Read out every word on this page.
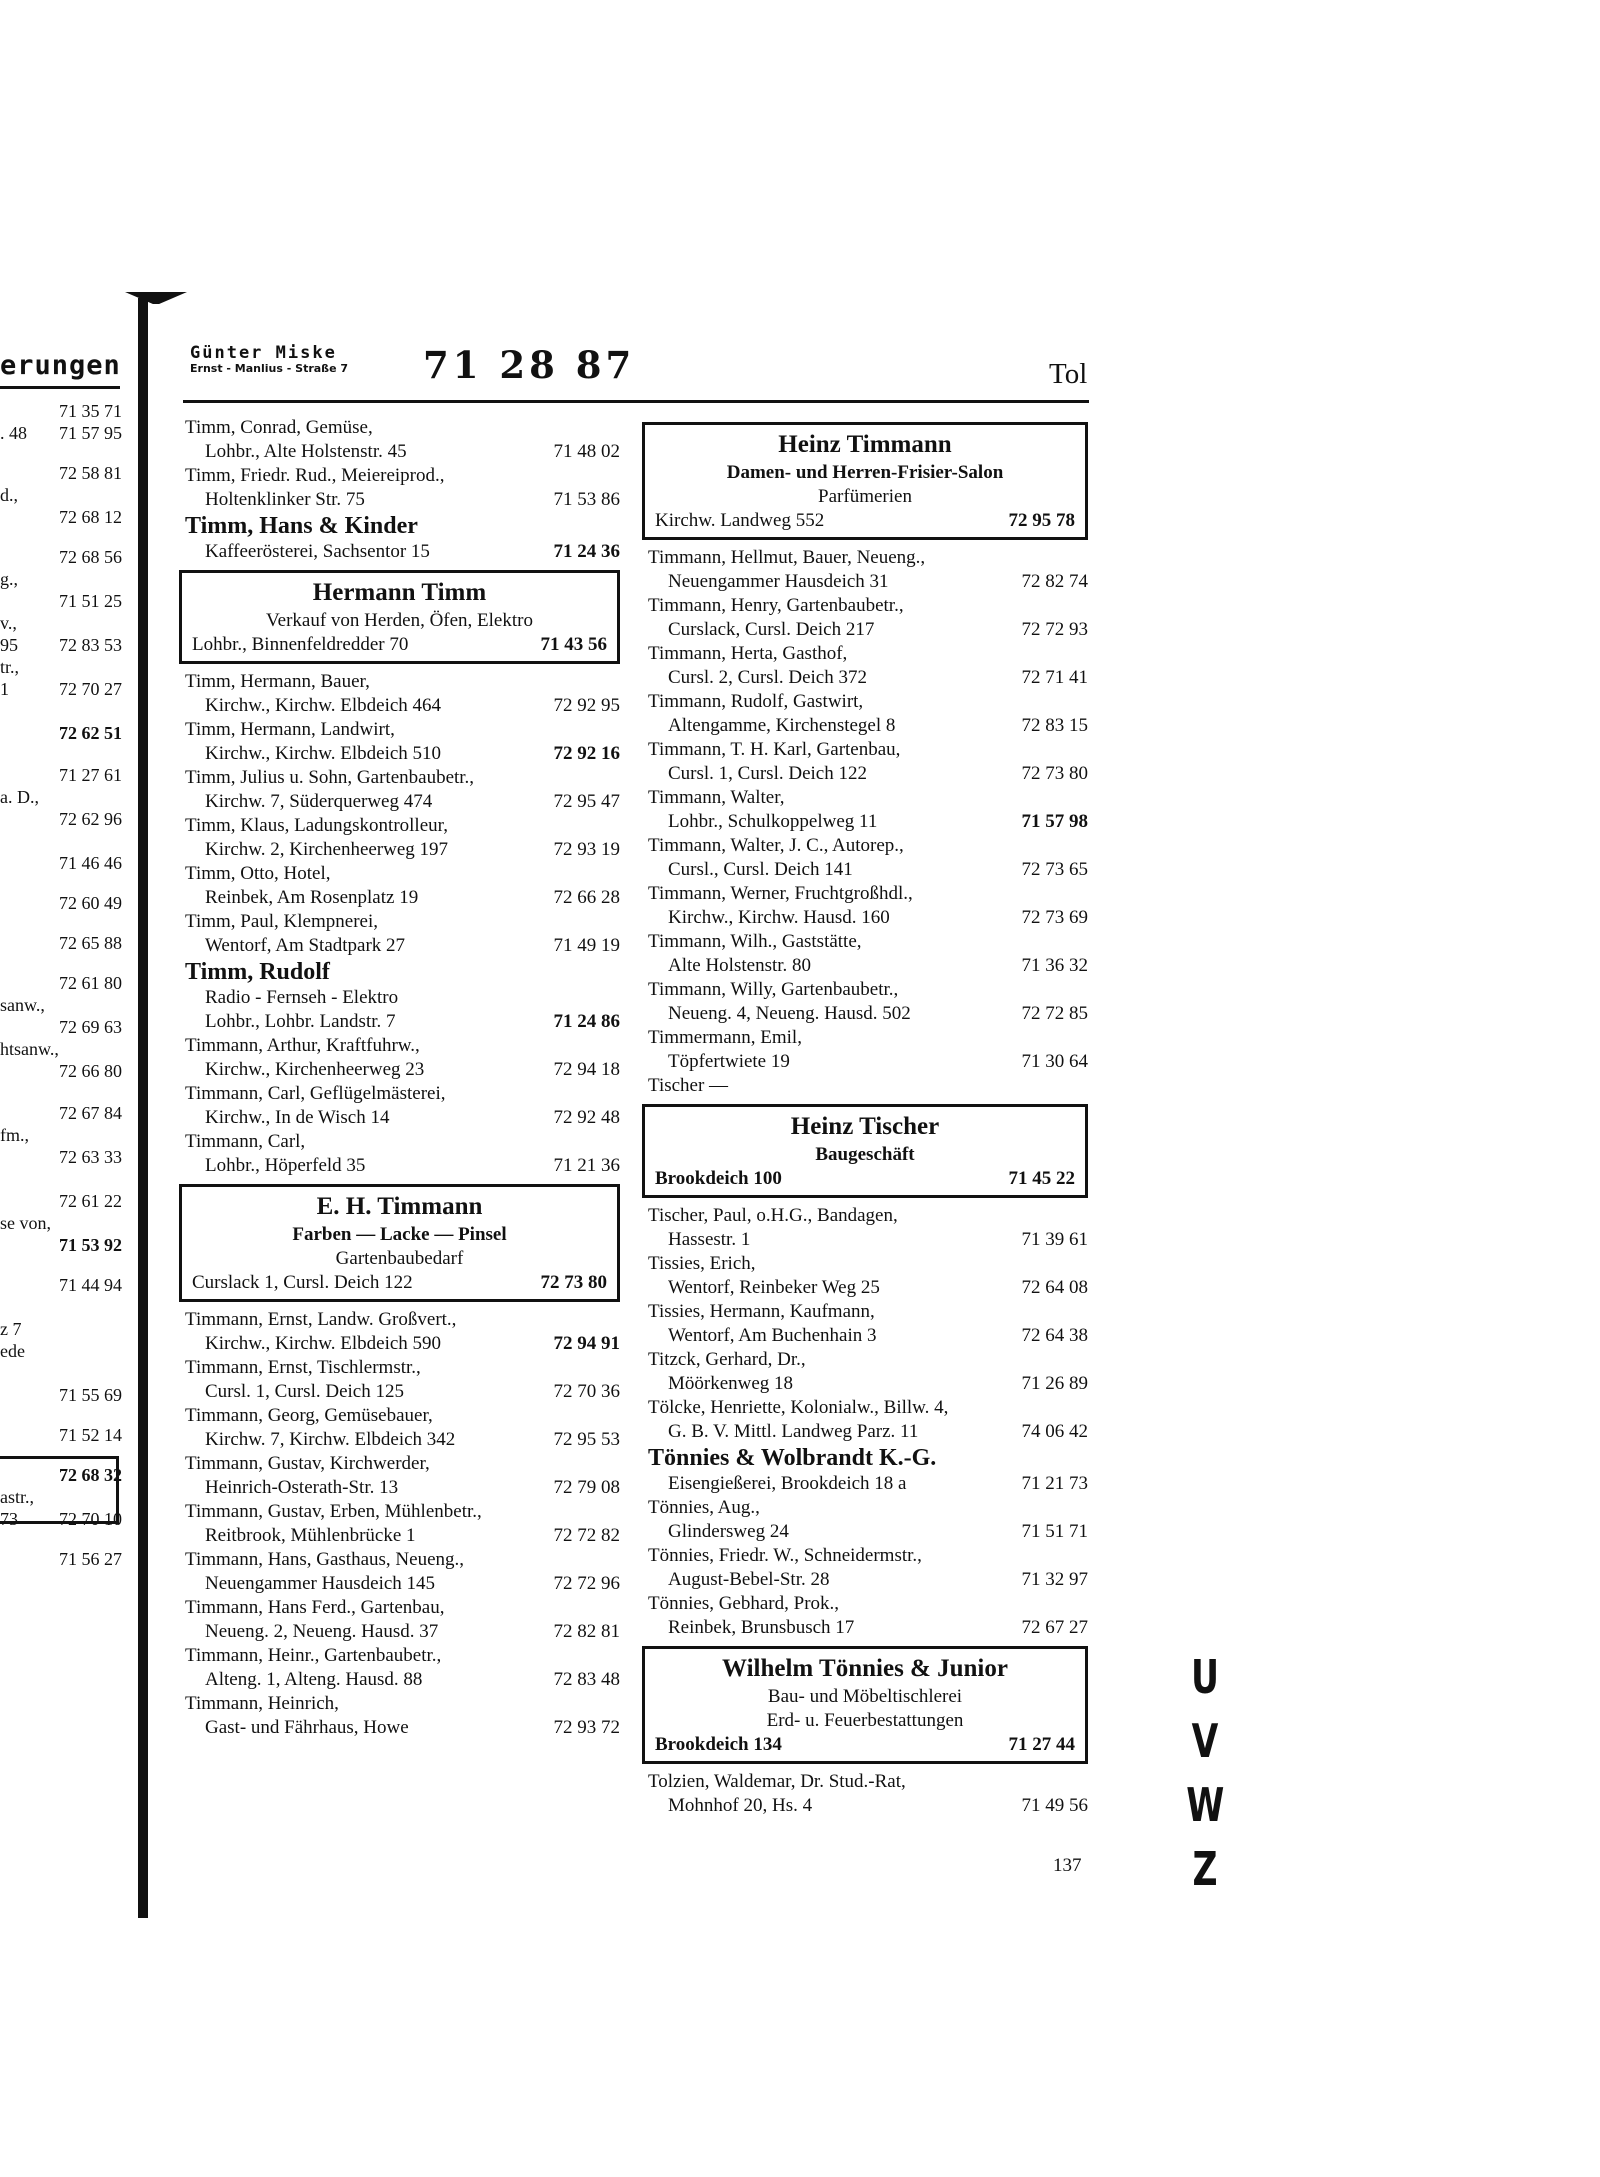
erungen
71 35 71
. 48 71 57 95
72 58 81
d.,
72 68 12
72 68 56
g.,
71 51 25
v.,
95 72 83 53
tr.,
1	72 70 27
72 62 51
71 27 61
a. D.,
72 62 96
71 46 46
72 60 49
72 65 88
72 61 80
sanw.,
72 69 63
htsanw.,
72 66 80
72 67 84
fm.,
72 63 33
72 61 22
se von,
71 53 92
71 44 94
z 7
ede
71 55 69
71 52 14
72 68 32
astr.,
73 72 70 10
71 56 27
Günter Miske
Ernst - Manlius - Straße 7 71 28 87	Tol
Timm, Conrad, Gemüse,
Lohbr., Alte Holstenstr. 45	71 48 02
Timm, Friedr. Rud., Meiereiprod.,
Holtenklinker Str. 75	71 53 86
Timm, Hans & Kinder
Kaffeerösterei, Sachsentor 15	71 24 36
Hermann Timm
Verkauf von Herden, Öfen, Elektro
Lohbr., Binnenfeldredder 70	71 43 56
Timm, Hermann, Bauer,
Kirchw., Kirchw. Elbdeich 464	72 92 95
Timm, Hermann, Landwirt,
Kirchw., Kirchw. Elbdeich 510	72 92 16
Timm, Julius u. Sohn, Gartenbaubetr.,
Kirchw. 7, Süderquerweg 474	72 95 47
Timm, Klaus, Ladungskontrolleur,
Kirchw. 2, Kirchenheerweg 197	72 93 19
Timm, Otto, Hotel,
Reinbek, Am Rosenplatz 19	72 66 28
Timm, Paul, Klempnerei,
Wentorf, Am Stadtpark 27	71 49 19
Timm, Rudolf
Radio - Fernseh - Elektro
Lohbr., Lohbr. Landstr. 7	71 24 86
Timmann, Arthur, Kraftfuhrw.,
Kirchw., Kirchenheerweg 23	72 94 18
Timmann, Carl, Geflügelmästerei,
Kirchw., In de Wisch 14	72 92 48
Timmann, Carl,
Lohbr., Höperfeld 35	71 21 36
E. H. Timmann
Farben — Lacke — Pinsel
Gartenbaubedarf
Curslack 1, Cursl. Deich 122	72 73 80
Timmann, Ernst, Landw. Großvert.,
Kirchw., Kirchw. Elbdeich 590	72 94 91
Timmann, Ernst, Tischlermstr.,
Cursl. 1, Cursl. Deich 125	72 70 36
Timmann, Georg, Gemüsebauer,
Kirchw. 7, Kirchw. Elbdeich 342	72 95 53
Timmann, Gustav, Kirchwerder,
Heinrich-Osterath-Str. 13	72 79 08
Timmann, Gustav, Erben, Mühlenbetr.,
Reitbrook, Mühlenbrücke 1	72 72 82
Timmann, Hans, Gasthaus, Neueng.,
Neuengammer Hausdeich 145	72 72 96
Timmann, Hans Ferd., Gartenbau,
Neueng. 2, Neueng. Hausd. 37	72 82 81
Timmann, Heinr., Gartenbaubetr.,
Alteng. 1, Alteng. Hausd. 88	72 83 48
Timmann, Heinrich,
Gast- und Fährhaus, Howe	72 93 72
Heinz Timmann
Damen- und Herren-Frisier-Salon
Parfümerien
Kirchw. Landweg 552	72 95 78
Timmann, Hellmut, Bauer, Neueng.,
Neuengammer Hausdeich 31	72 82 74
Timmann, Henry, Gartenbaubetr.,
Curslack, Cursl. Deich 217	72 72 93
Timmann, Herta, Gasthof,
Cursl. 2, Cursl. Deich 372	72 71 41
Timmann, Rudolf, Gastwirt,
Altengamme, Kirchenstegel 8	72 83 15
Timmann, T. H. Karl, Gartenbau,
Cursl. 1, Cursl. Deich 122	72 73 80
Timmann, Walter,
Lohbr., Schulkoppelweg 11	71 57 98
Timmann, Walter, J. C., Autorep.,
Cursl., Cursl. Deich 141	72 73 65
Timmann, Werner, Fruchtgroßhdl.,
Kirchw., Kirchw. Hausd. 160	72 73 69
Timmann, Wilh., Gaststätte,
Alte Holstenstr. 80	71 36 32
Timmann, Willy, Gartenbaubetr.,
Neueng. 4, Neueng. Hausd. 502	72 72 85
Timmermann, Emil,
Töpfertwiete 19	71 30 64
Tischer —
Heinz Tischer
Baugeschäft
Brookdeich 100	71 45 22
Tischer, Paul, o.H.G., Bandagen,
Hassestr. 1	71 39 61
Tissies, Erich,
Wentorf, Reinbeker Weg 25	72 64 08
Tissies, Hermann, Kaufmann,
Wentorf, Am Buchenhain 3	72 64 38
Titzck, Gerhard, Dr.,
Möörkenweg 18	71 26 89
Tölcke, Henriette, Kolonialw., Billw. 4,
G. B. V. Mittl. Landweg Parz. 11	74 06 42
Tönnies & Wolbrandt K.-G.
Eisengießerei, Brookdeich 18 a	71 21 73
Tönnies, Aug.,
Glindersweg 24	71 51 71
Tönnies, Friedr. W., Schneidermstr.,
August-Bebel-Str. 28	71 32 97
Tönnies, Gebhard, Prok.,
Reinbek, Brunsbusch 17	72 67 27
Wilhelm Tönnies & Junior
Bau- und Möbeltischlerei
Erd- u. Feuerbestattungen
Brookdeich 134	71 27 44
Tolzien, Waldemar, Dr. Stud.-Rat,
Mohnhof 20, Hs. 4	71 49 56
137
U
V
W
Z
